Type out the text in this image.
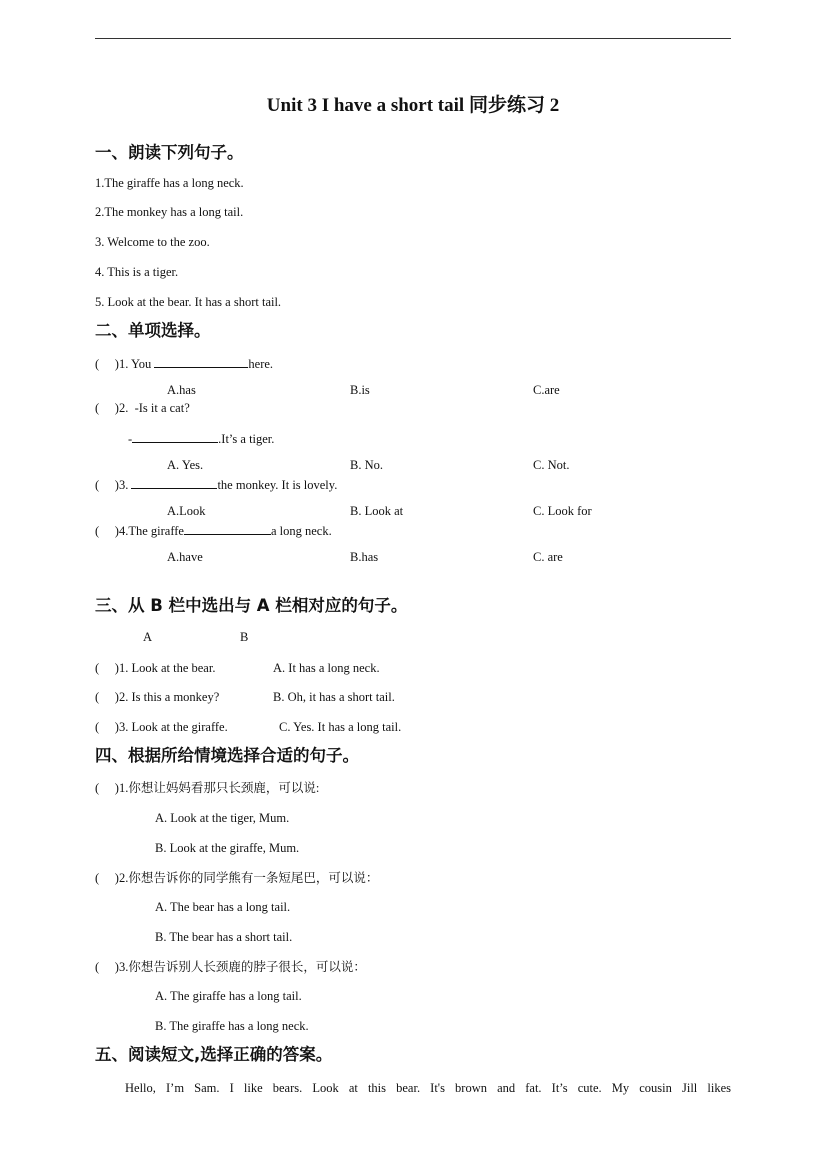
Unit 3 I have a short tail 同步练习 2
一、朗读下列句子。
1.The giraffe has a long neck.
2.The monkey has a long tail.
3. Welcome to the zoo.
4. This is a tiger.
5. Look at the bear. It has a short tail.
二、单项选择。
(     )1. You	here.
A.has	B.is	C.are
(     )2.  -Is it a cat?
-	.It’s a tiger.
A. Yes.	B. No.	C. Not.
(     )3.	the monkey. It is lovely.
A.Look	B. Look at	C. Look for
(     )4.The giraffe	a long neck.
A.have	B.has	C. are
三、从 B 栏中选出与 A 栏相对应的句子。
A	B
(     )1. Look at the bear.	A. It has a long neck.
(     )2. Is this a monkey?	B. Oh, it has a short tail.
(     )3. Look at the giraffe.	C. Yes. It has a long tail.
四、根据所给情境选择合适的句子。
(     )1.你想让妈妈看那只长颈鹿，可以说:
A. Look at the tiger, Mum.
B. Look at the giraffe, Mum.
(     )2.你想告诉你的同学熊有一条短尾巴，可以说：
A. The bear has a long tail.
B. The bear has a short tail.
(     )3.你想告诉别人长颈鹿的脖子很长，可以说：
A. The giraffe has a long tail.
B. The giraffe has a long neck.
五、阅读短文,选择正确的答案。
Hello, I’m Sam. I like bears. Look at this bear. It's brown and fat. It’s cute. My cousin Jill likes
